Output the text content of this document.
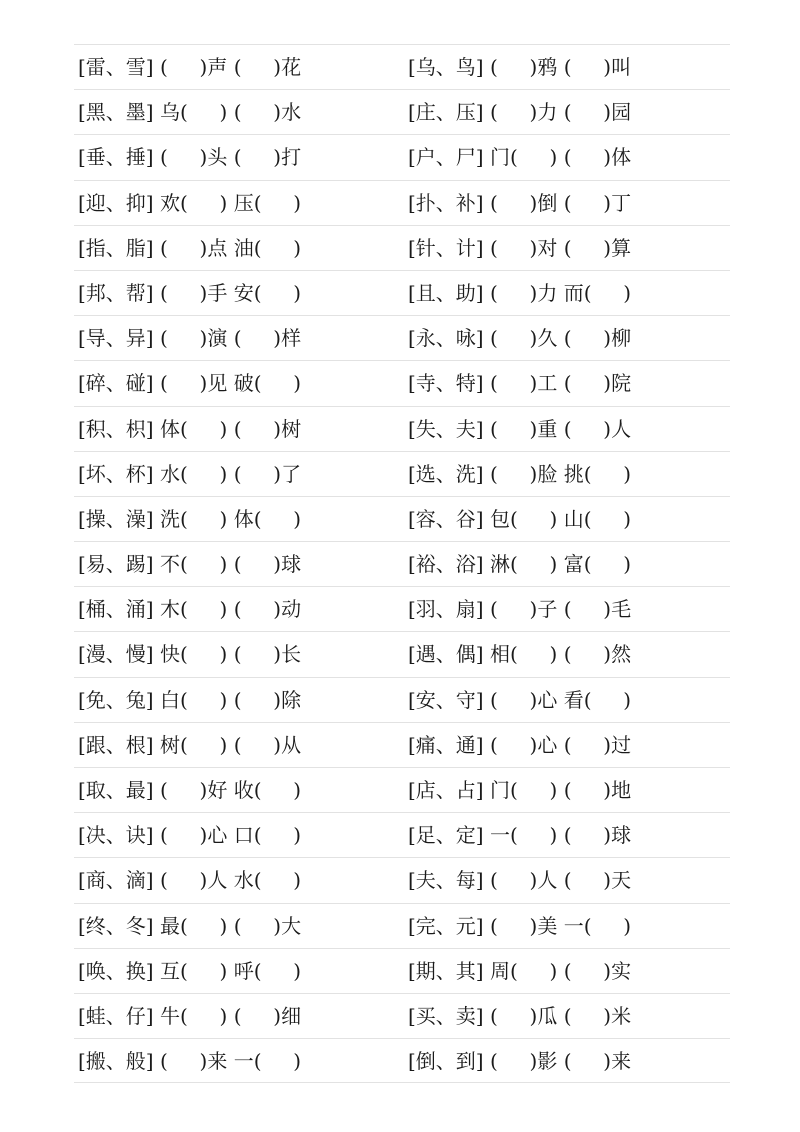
[雷、雪] (     )声 (     )花	[乌、鸟] (     )鸦 (     )叫
[黑、墨] 乌(     ) (     )水	[庄、压] (     )力 (     )园
[垂、捶] (     )头 (     )打	[户、尸] 门(     ) (     )体
[迎、抑] 欢(     ) 压(     )	[扑、补] (     )倒 (     )丁
[指、脂] (     )点 油(     )	[针、计] (     )对 (     )算
[邦、帮] (     )手 安(     )	[且、助] (     )力 而(     )
[导、异] (     )演 (     )样	[永、咏] (     )久 (     )柳
[碎、碰] (     )见 破(     )	[寺、特] (     )工 (     )院
[积、枳] 体(     ) (     )树	[失、夫] (     )重 (     )人
[坏、杯] 水(     ) (     )了	[选、洗] (     )脸 挑(     )
[操、澡] 洗(     ) 体(     )	[容、谷] 包(     ) 山(     )
[易、踢] 不(     ) (     )球	[裕、浴] 淋(     ) 富(     )
[桶、涌] 木(     ) (     )动	[羽、扇] (     )子 (     )毛
[漫、慢] 快(     ) (     )长	[遇、偶] 相(     ) (     )然
[免、兔] 白(     ) (     )除	[安、守] (     )心 看(     )
[跟、根] 树(     ) (     )从	[痛、通] (     )心 (     )过
[取、最] (     )好 收(     )	[店、占] 门(     ) (     )地
[决、诀] (     )心 口(     )	[足、定] 一(     ) (     )球
[商、滴] (     )人 水(     )	[夫、每] (     )人 (     )天
[终、冬] 最(     ) (     )大	[完、元] (     )美 一(     )
[唤、换] 互(     ) 呼(     )	[期、其] 周(     ) (     )实
[蛙、仔] 牛(     ) (     )细	[买、卖] (     )瓜 (     )米
[搬、般] (     )来 一(     )	[倒、到] (     )影 (     )来
